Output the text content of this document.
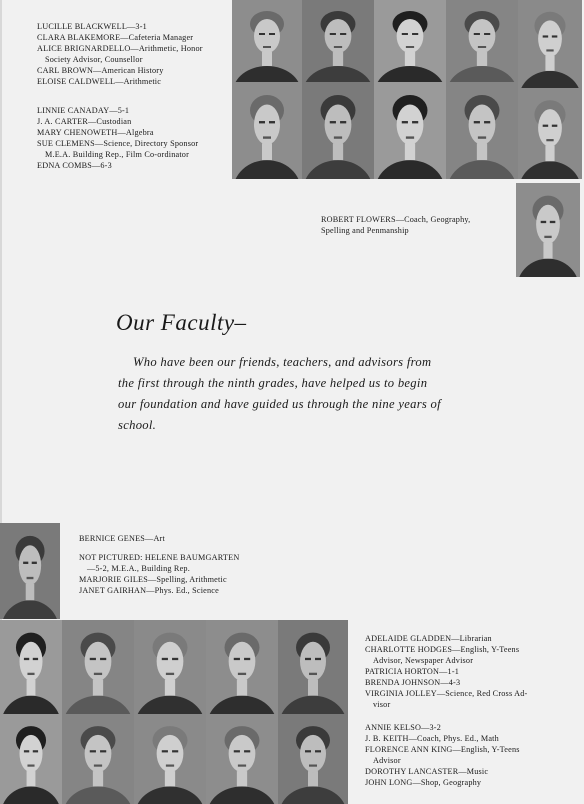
LUCILLE BLACKWELL—3-1
CLARA BLAKEMORE—Cafeteria Manager
ALICE BRIGNARDELLO—Arithmetic, Honor
Society Advisor, Counsellor
CARL BROWN—American History
ELOISE CALDWELL—Arithmetic
LINNIE CANADAY—5-1
J. A. CARTER—Custodian
MARY CHENOWETH—Algebra
SUE CLEMENS—Science, Directory Sponsor
M.E.A. Building Rep., Film Co-ordinator
EDNA COMBS—6-3
ROBERT FLOWERS—Coach, Geography,
Spelling and Penmanship
Our Faculty–
Who have been our friends, teachers, and advisors from
the first through the ninth grades, have helped us to begin
our foundation and have guided us through the nine years of
school.
BERNICE GENES—Art
NOT PICTURED: HELENE BAUMGARTEN
—5-2, M.E.A., Building Rep.
MARJORIE GILES—Spelling, Arithmetic
JANET GAIRHAN—Phys. Ed., Science
ADELAIDE GLADDEN—Librarian
CHARLOTTE HODGES—English, Y-Teens
Advisor, Newspaper Advisor
PATRICIA HORTON—1-1
BRENDA JOHNSON—4-3
VIRGINIA JOLLEY—Science, Red Cross Ad-
visor
ANNIE KELSO—3-2
J. B. KEITH—Coach, Phys. Ed., Math
FLORENCE ANN KING—English, Y-Teens
Advisor
DOROTHY LANCASTER—Music
JOHN LONG—Shop, Geography
